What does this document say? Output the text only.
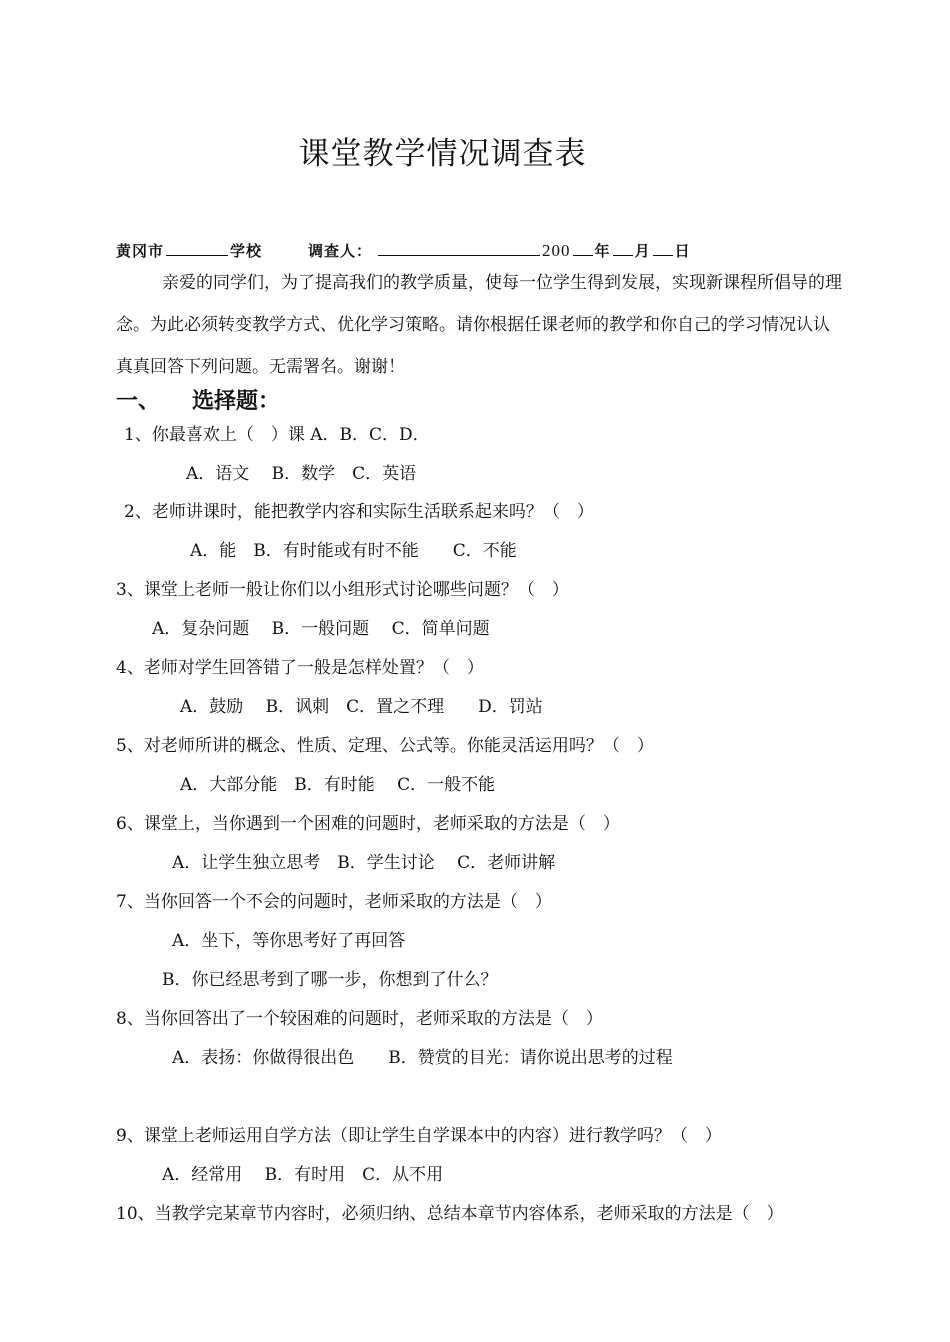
课堂教学情况调查表
黄冈市	学校	调查人：	200 年 月 日
亲爱的同学们，为了提高我们的教学质量，使每一位学生得到发展，实现新课程所倡导的理念。为此必须转变教学方式、优化学习策略。请你根据任课老师的教学和你自己的学习情况认认真真回答下列问题。无需署名。谢谢！
一、 选择题：
1、你最喜欢上（　）课 A．B．C．D．
A．语文　 B．数学　C．英语
2、老师讲课时，能把教学内容和实际生活联系起来吗？（　）
A．能　B．有时能或有时不能　　C．不能
3、课堂上老师一般让你们以小组形式讨论哪些问题？（　）
A．复杂问题　 B．一般问题　 C．简单问题
4、老师对学生回答错了一般是怎样处置？（　）
A．鼓励　 B．讽刺　C．置之不理　　D．罚站
5、对老师所讲的概念、性质、定理、公式等。你能灵活运用吗？（　）
A．大部分能　B．有时能　 C．一般不能
6、课堂上，当你遇到一个困难的问题时，老师采取的方法是（　）
A．让学生独立思考　B．学生讨论　 C．老师讲解
7、当你回答一个不会的问题时，老师采取的方法是（　）
A．坐下，等你思考好了再回答
B．你已经思考到了哪一步，你想到了什么？
8、当你回答出了一个较困难的问题时，老师采取的方法是（　）
A．表扬：你做得很出色　　B．赞赏的目光：请你说出思考的过程
9、课堂上老师运用自学方法（即让学生自学课本中的内容）进行教学吗？（　）
A．经常用　 B．有时用　C．从不用
10、当教学完某章节内容时，必须归纳、总结本章节内容体系，老师采取的方法是（　）
